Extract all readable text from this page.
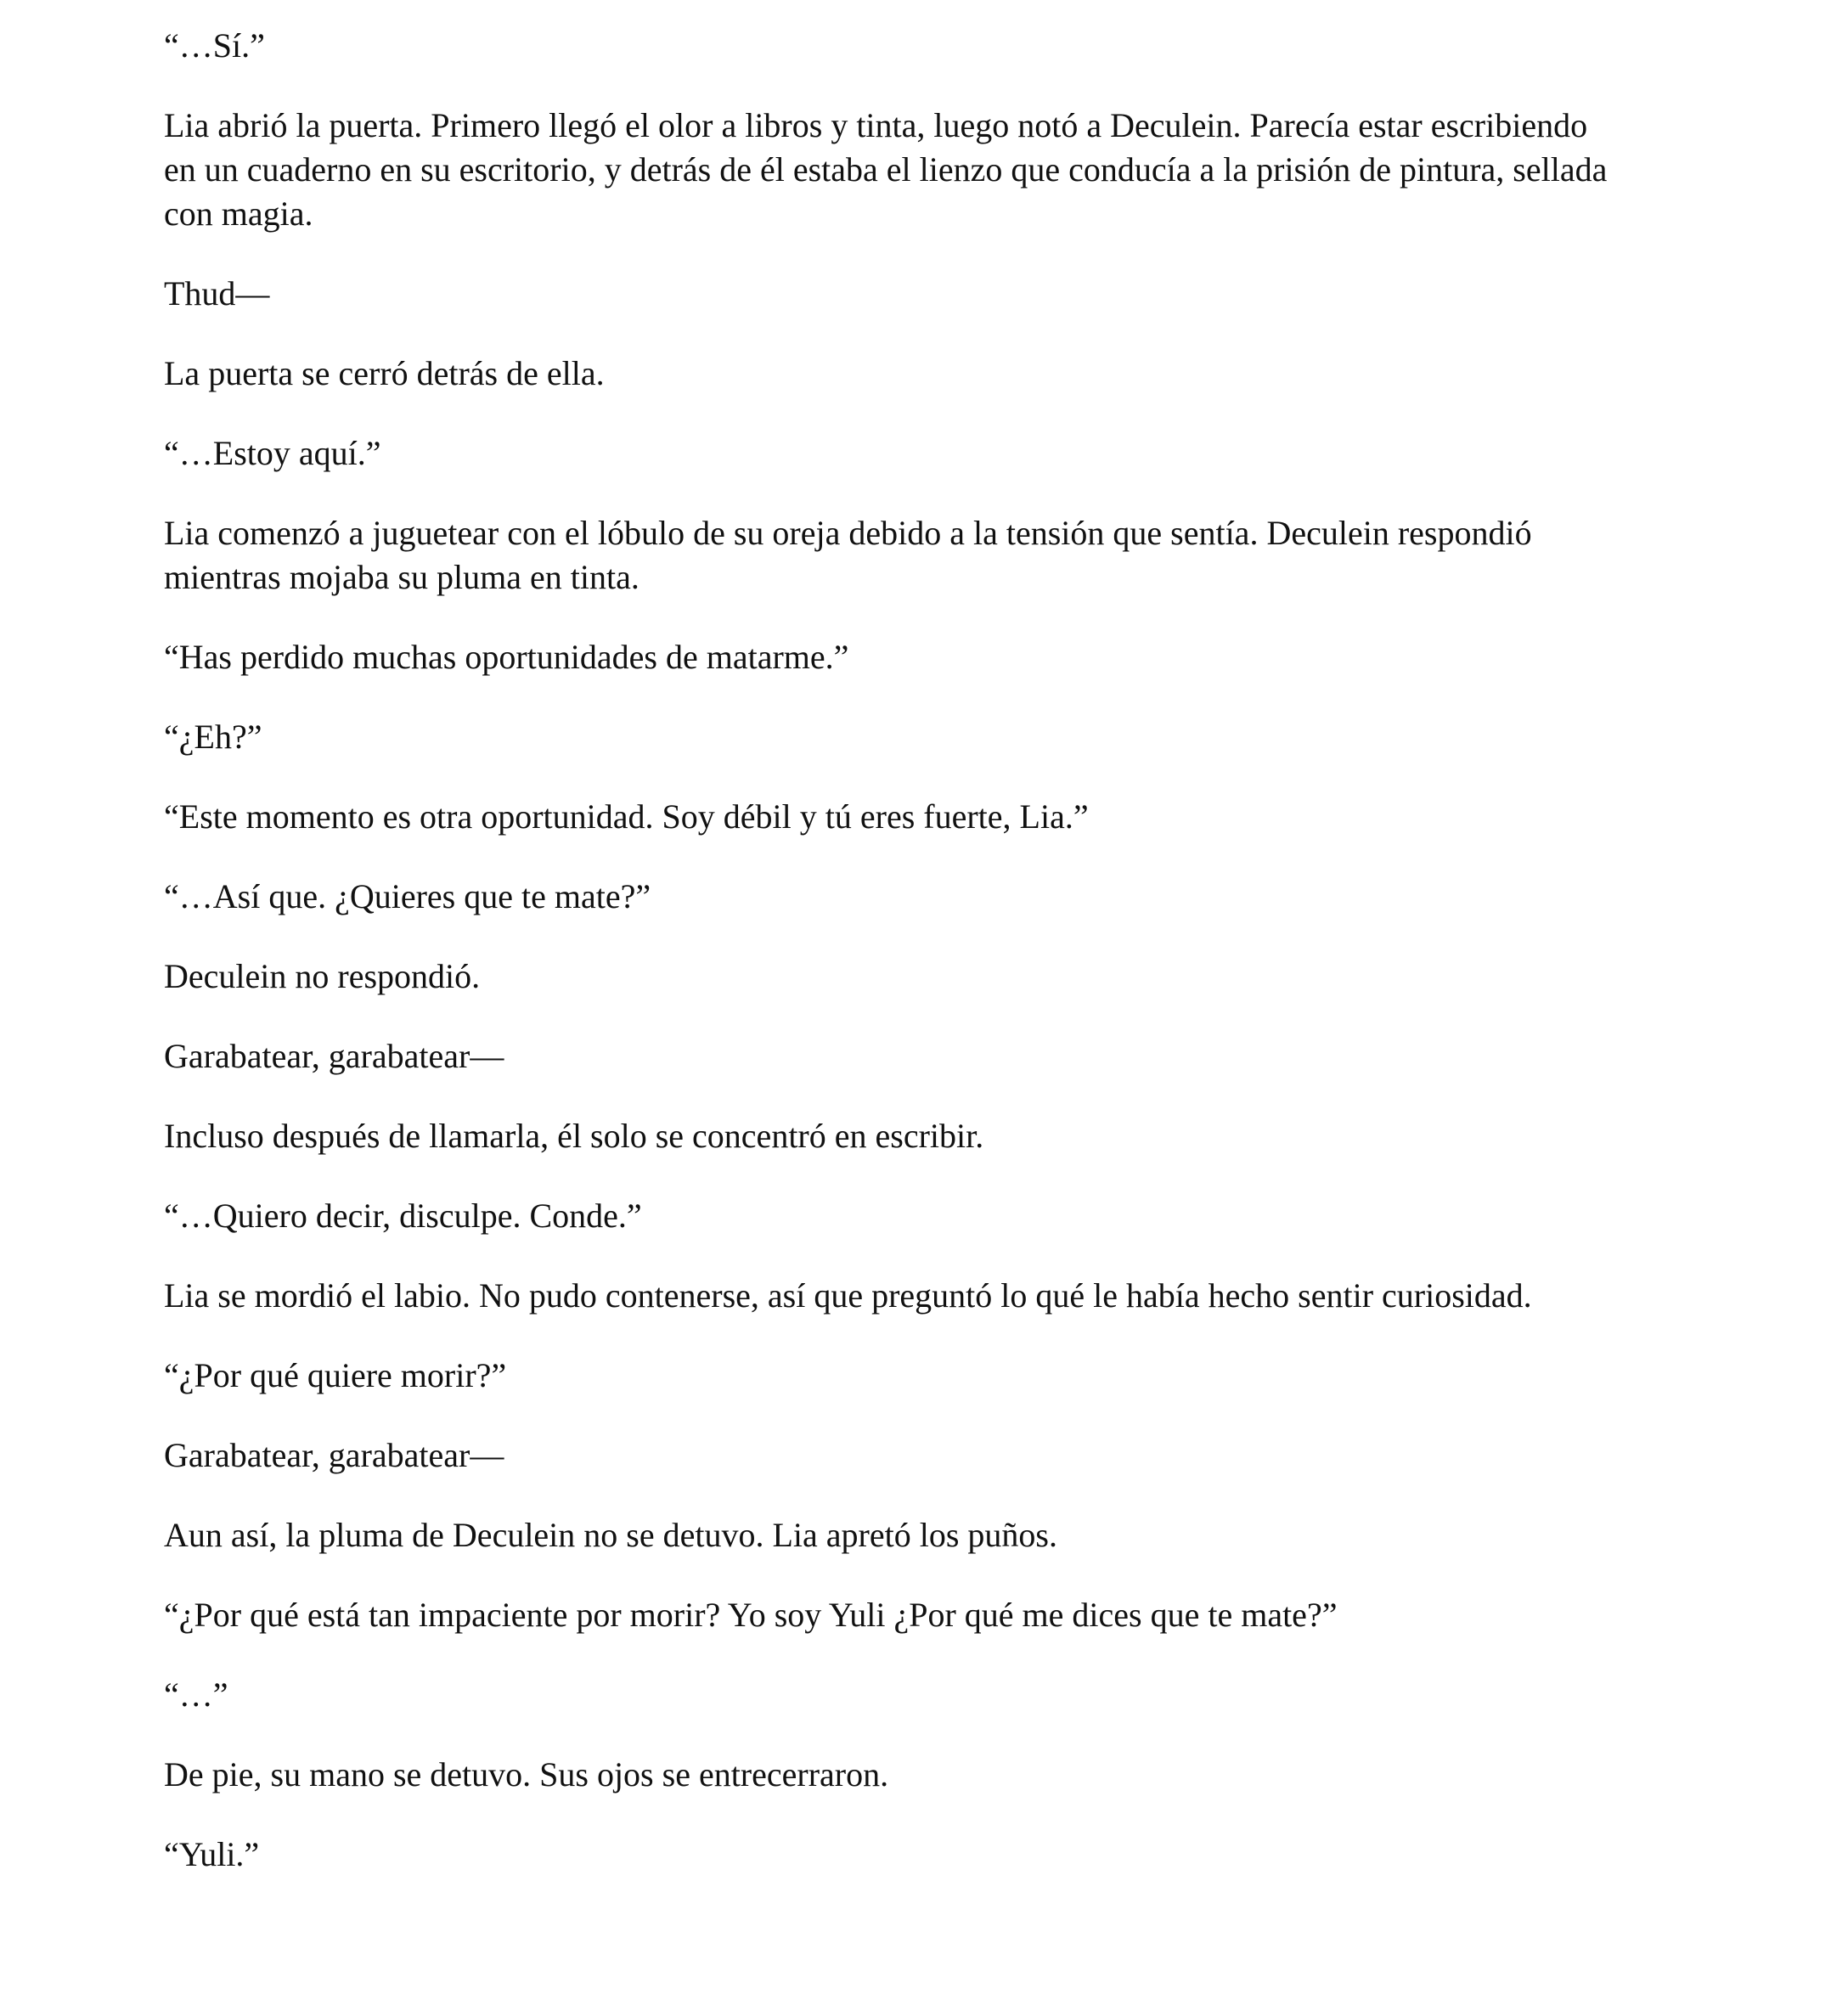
“…Sí.”

Lia abrió la puerta. Primero llegó el olor a libros y tinta, luego notó a Deculein. Parecía estar escribiendo en un cuaderno en su escritorio, y detrás de él estaba el lienzo que conducía a la prisión de pintura, sellada con magia.

Thud—

La puerta se cerró detrás de ella.

“…Estoy aquí.”

Lia comenzó a juguetear con el lóbulo de su oreja debido a la tensión que sentía. Deculein respondió mientras mojaba su pluma en tinta.

“Has perdido muchas oportunidades de matarme.”

“¿Eh?”

“Este momento es otra oportunidad. Soy débil y tú eres fuerte, Lia.”

“…Así que. ¿Quieres que te mate?”

Deculein no respondió.

Garabatear, garabatear—

Incluso después de llamarla, él solo se concentró en escribir.

“…Quiero decir, disculpe. Conde.”

Lia se mordió el labio. No pudo contenerse, así que preguntó lo qué le había hecho sentir curiosidad.

“¿Por qué quiere morir?”

Garabatear, garabatear—

Aun así, la pluma de Deculein no se detuvo. Lia apretó los puños.

“¿Por qué está tan impaciente por morir? Yo soy Yuli ¿Por qué me dices que te mate?”

“…”

De pie, su mano se detuvo. Sus ojos se entrecerraron.

“Yuli.”
